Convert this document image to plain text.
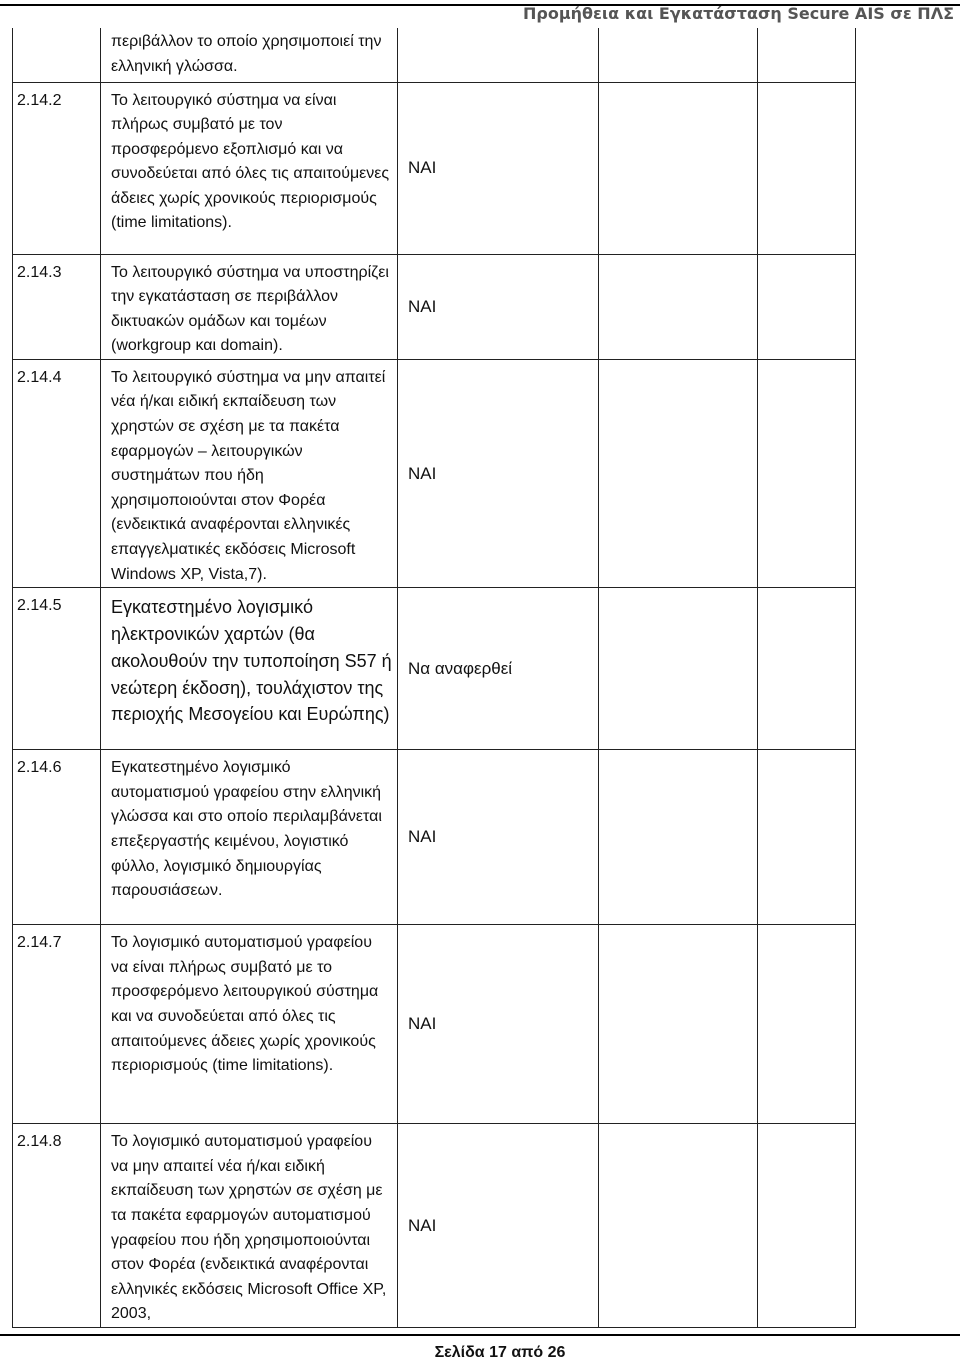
Προμήθεια και Εγκατάσταση Secure AIS σε ΠΛΣ
	περιβάλλον το οποίο χρησιμοποιεί την ελληνική γλώσσα.			
2.14.2	Το λειτουργικό σύστημα να είναι πλήρως συμβατό με τον προσφερόμενο εξοπλισμό και να συνοδεύεται από όλες τις απαιτούμενες άδειες χωρίς χρονικούς περιορισμούς (time limitations).	ΝΑΙ		
2.14.3	Το λειτουργικό σύστημα να υποστηρίζει την εγκατάσταση σε περιβάλλον δικτυακών ομάδων και τομέων (workgroup και domain).	ΝΑΙ		
2.14.4	Το λειτουργικό σύστημα να μην απαιτεί νέα ή/και ειδική εκπαίδευση των χρηστών σε σχέση με τα πακέτα εφαρμογών – λειτουργικών συστημάτων που ήδη χρησιμοποιούνται στον Φορέα (ενδεικτικά αναφέρονται ελληνικές επαγγελματικές εκδόσεις Microsoft Windows XP, Vista,7).	ΝΑΙ		
2.14.5	Εγκατεστημένο λογισμικό ηλεκτρονικών χαρτών (θα ακολουθούν την τυποποίηση S57 ή νεώτερη έκδοση), τουλάχιστον της περιοχής Μεσογείου και Ευρώπης)	Να αναφερθεί		
2.14.6	Εγκατεστημένο λογισμικό αυτοματισμού γραφείου στην ελληνική γλώσσα και στο οποίο περιλαμβάνεται επεξεργαστής κειμένου, λογιστικό φύλλο, λογισμικό δημιουργίας παρουσιάσεων.	ΝΑΙ		
2.14.7	Το λογισμικό αυτοματισμού γραφείου να είναι πλήρως συμβατό με το προσφερόμενο λειτουργικού σύστημα και να συνοδεύεται από όλες τις απαιτούμενες άδειες χωρίς χρονικούς περιορισμούς (time limitations).	ΝΑΙ		
2.14.8	Το λογισμικό αυτοματισμού γραφείου να μην απαιτεί νέα ή/και ειδική εκπαίδευση των χρηστών σε σχέση με τα πακέτα εφαρμογών αυτοματισμού γραφείου που ήδη χρησιμοποιούνται στον Φορέα (ενδεικτικά αναφέρονται ελληνικές εκδόσεις Microsoft Office XP, 2003,	ΝΑΙ		
Σελίδα 17 από 26
